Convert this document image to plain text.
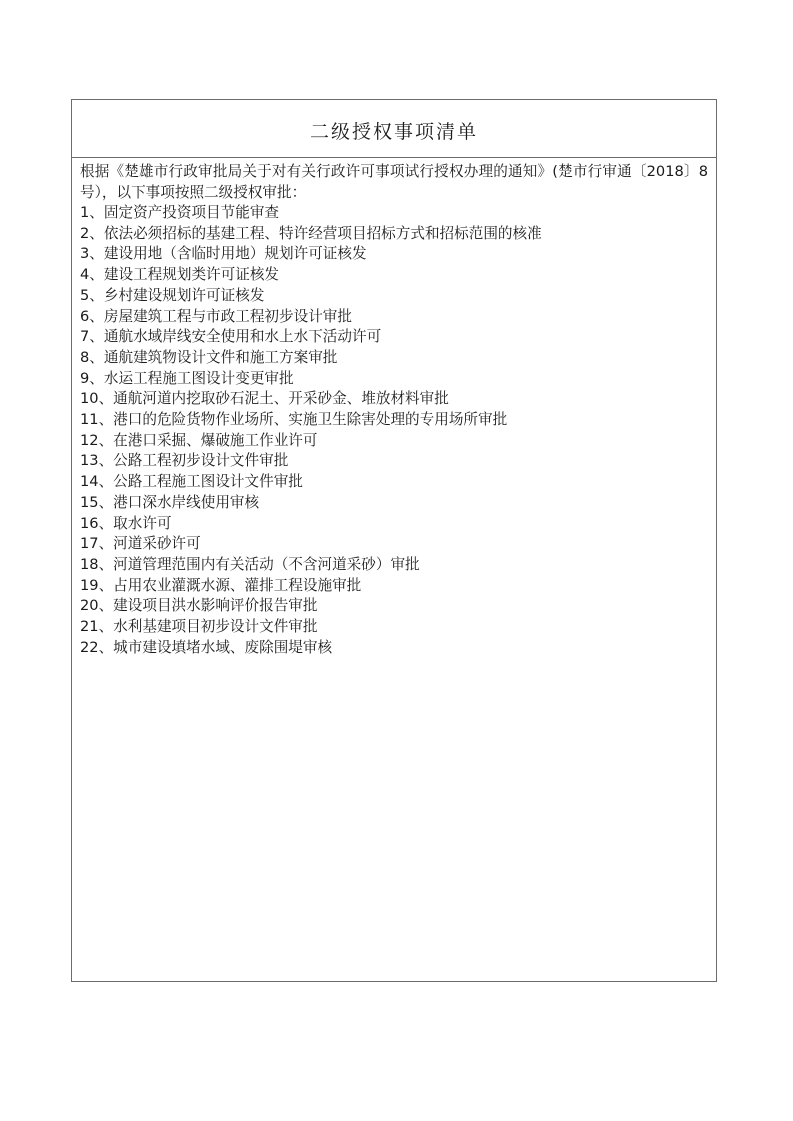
二级授权事项清单

根据《楚雄市行政审批局关于对有关行政许可事项试行授权办理的通知》(楚市行审通〔2018〕8号），以下事项按照二级授权审批：

1、固定资产投资项目节能审查
2、依法必须招标的基建工程、特许经营项目招标方式和招标范围的核准
3、建设用地（含临时用地）规划许可证核发
4、建设工程规划类许可证核发
5、乡村建设规划许可证核发
6、房屋建筑工程与市政工程初步设计审批
7、通航水域岸线安全使用和水上水下活动许可
8、通航建筑物设计文件和施工方案审批
9、水运工程施工图设计变更审批
10、通航河道内挖取砂石泥土、开采砂金、堆放材料审批
11、港口的危险货物作业场所、实施卫生除害处理的专用场所审批
12、在港口采掘、爆破施工作业许可
13、公路工程初步设计文件审批
14、公路工程施工图设计文件审批
15、港口深水岸线使用审核
16、取水许可
17、河道采砂许可
18、河道管理范围内有关活动（不含河道采砂）审批
19、占用农业灌溉水源、灌排工程设施审批
20、建设项目洪水影响评价报告审批
21、水利基建项目初步设计文件审批
22、城市建设填堵水域、废除围堤审核
